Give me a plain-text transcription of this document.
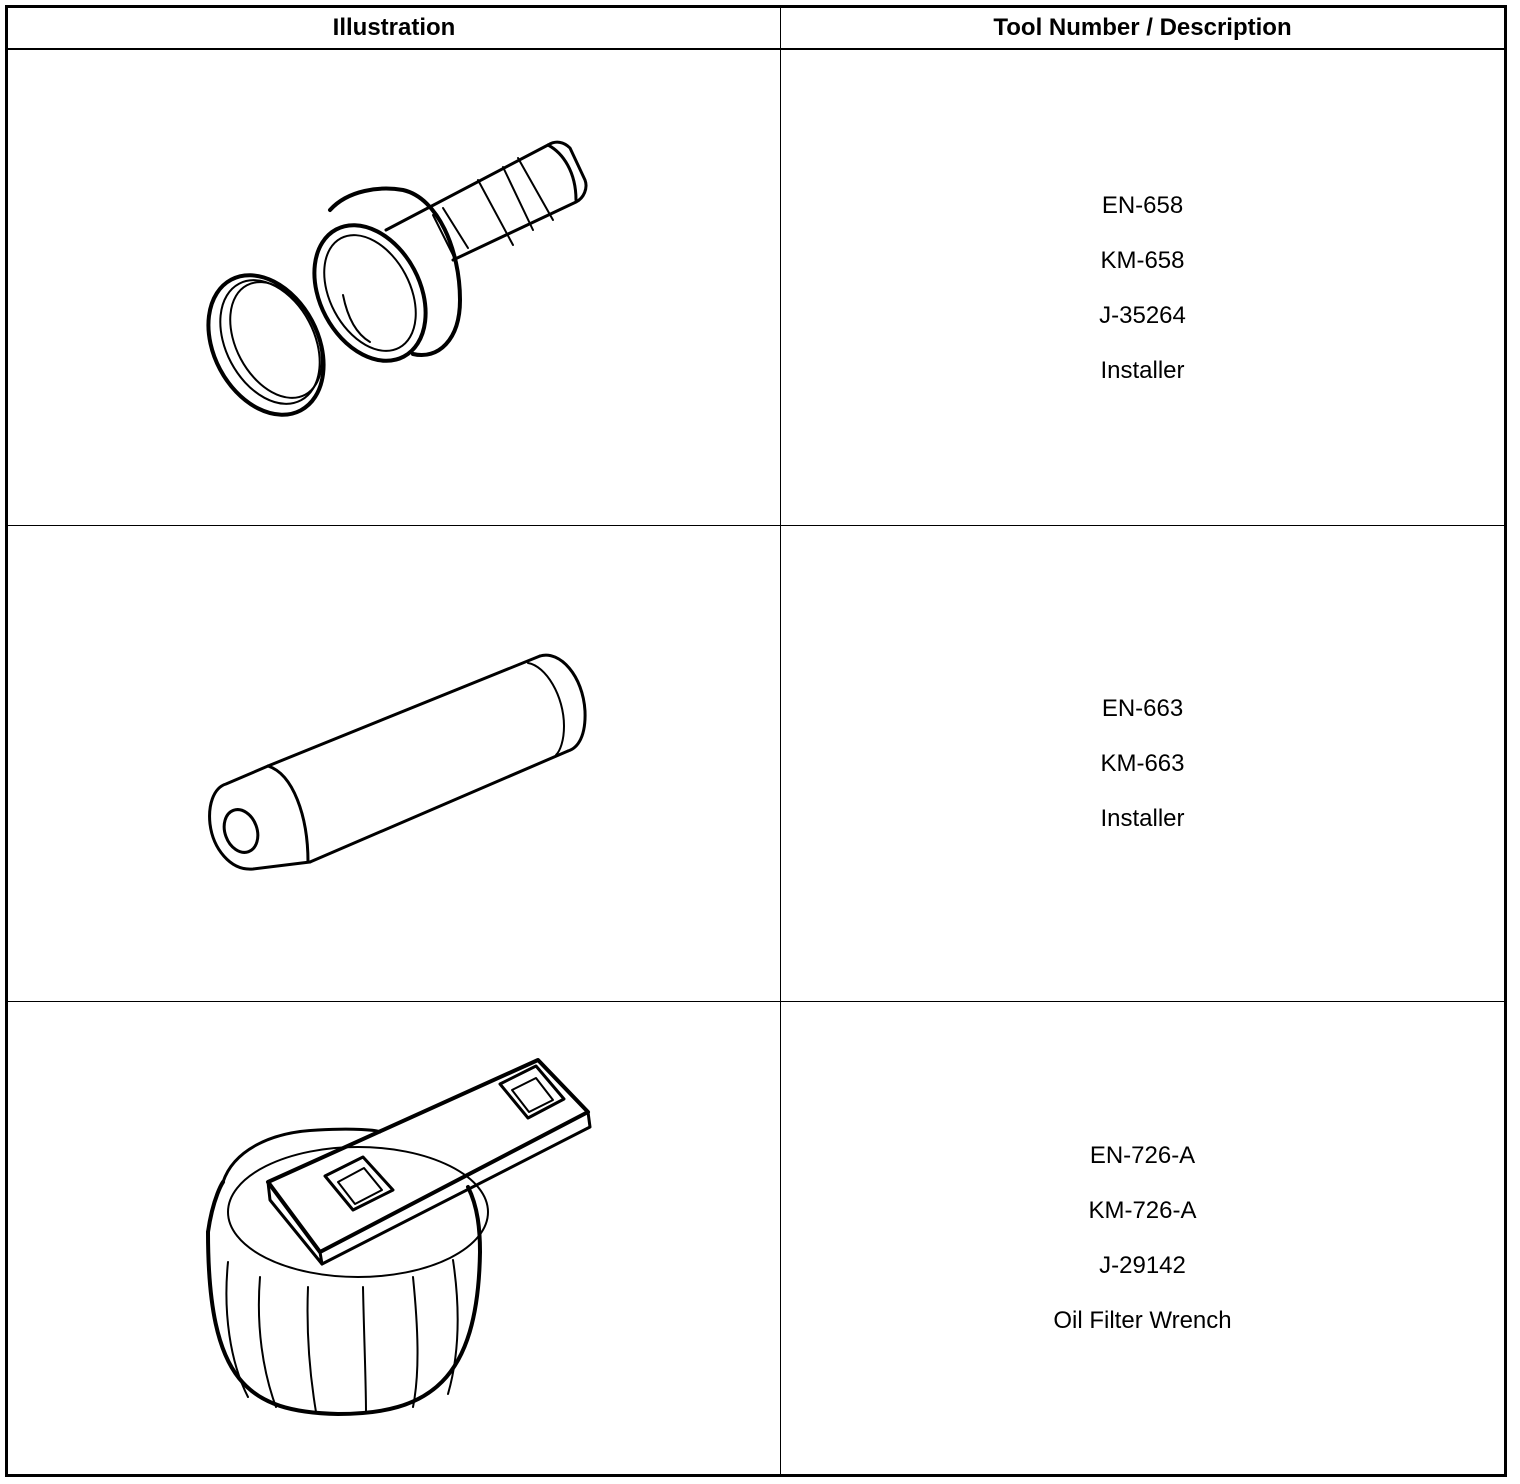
Illustration	Tool Number / Description
EN-658
KM-658
J-35264
Installer
EN-663
KM-663
Installer
EN-726-A
KM-726-A
J-29142
Oil Filter Wrench
